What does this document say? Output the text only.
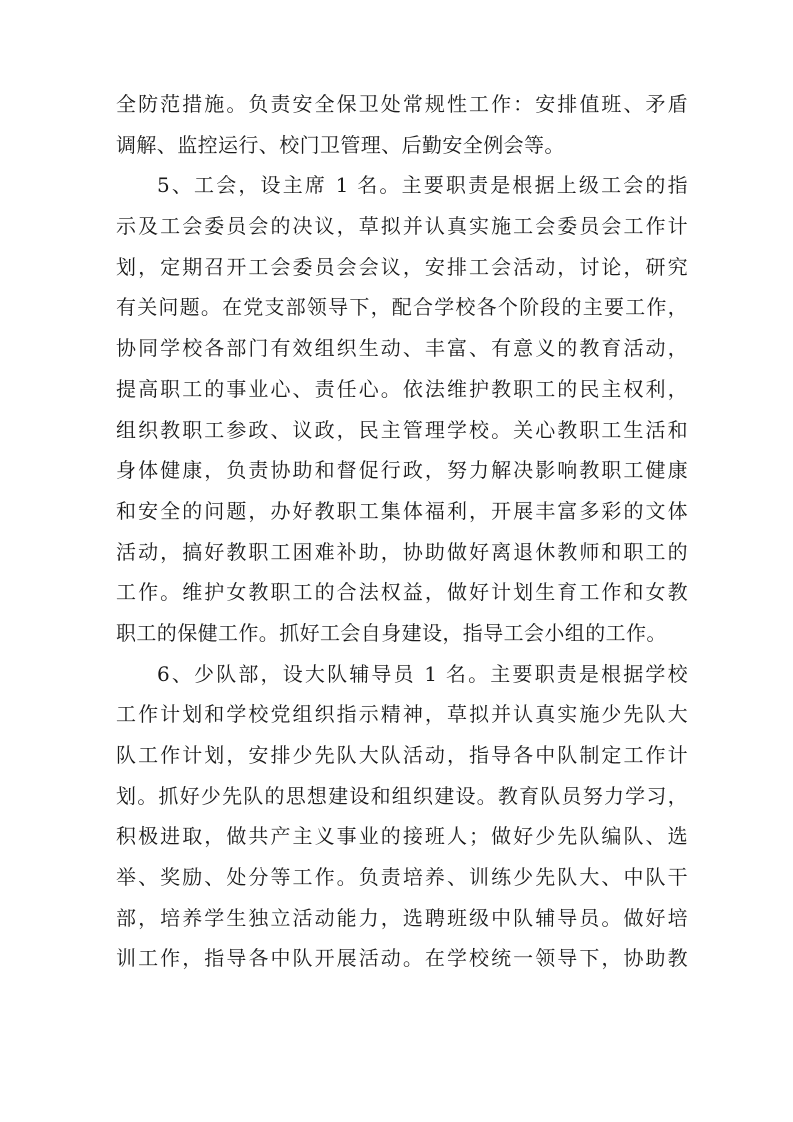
全防范措施。负责安全保卫处常规性工作：安排值班、矛盾
调解、监控运行、校门卫管理、后勤安全例会等。
5、工会，设主席 1 名。主要职责是根据上级工会的指
示及工会委员会的决议，草拟并认真实施工会委员会工作计
划，定期召开工会委员会会议，安排工会活动，讨论，研究
有关问题。在党支部领导下，配合学校各个阶段的主要工作，
协同学校各部门有效组织生动、丰富、有意义的教育活动，
提高职工的事业心、责任心。依法维护教职工的民主权利，
组织教职工参政、议政，民主管理学校。关心教职工生活和
身体健康，负责协助和督促行政，努力解决影响教职工健康
和安全的问题，办好教职工集体福利，开展丰富多彩的文体
活动，搞好教职工困难补助，协助做好离退休教师和职工的
工作。维护女教职工的合法权益，做好计划生育工作和女教
职工的保健工作。抓好工会自身建设，指导工会小组的工作。
6、少队部，设大队辅导员 1 名。主要职责是根据学校
工作计划和学校党组织指示精神，草拟并认真实施少先队大
队工作计划，安排少先队大队活动，指导各中队制定工作计
划。抓好少先队的思想建设和组织建设。教育队员努力学习，
积极进取，做共产主义事业的接班人；做好少先队编队、选
举、奖励、处分等工作。负责培养、训练少先队大、中队干
部，培养学生独立活动能力，选聘班级中队辅导员。做好培
训工作，指导各中队开展活动。在学校统一领导下，协助教
